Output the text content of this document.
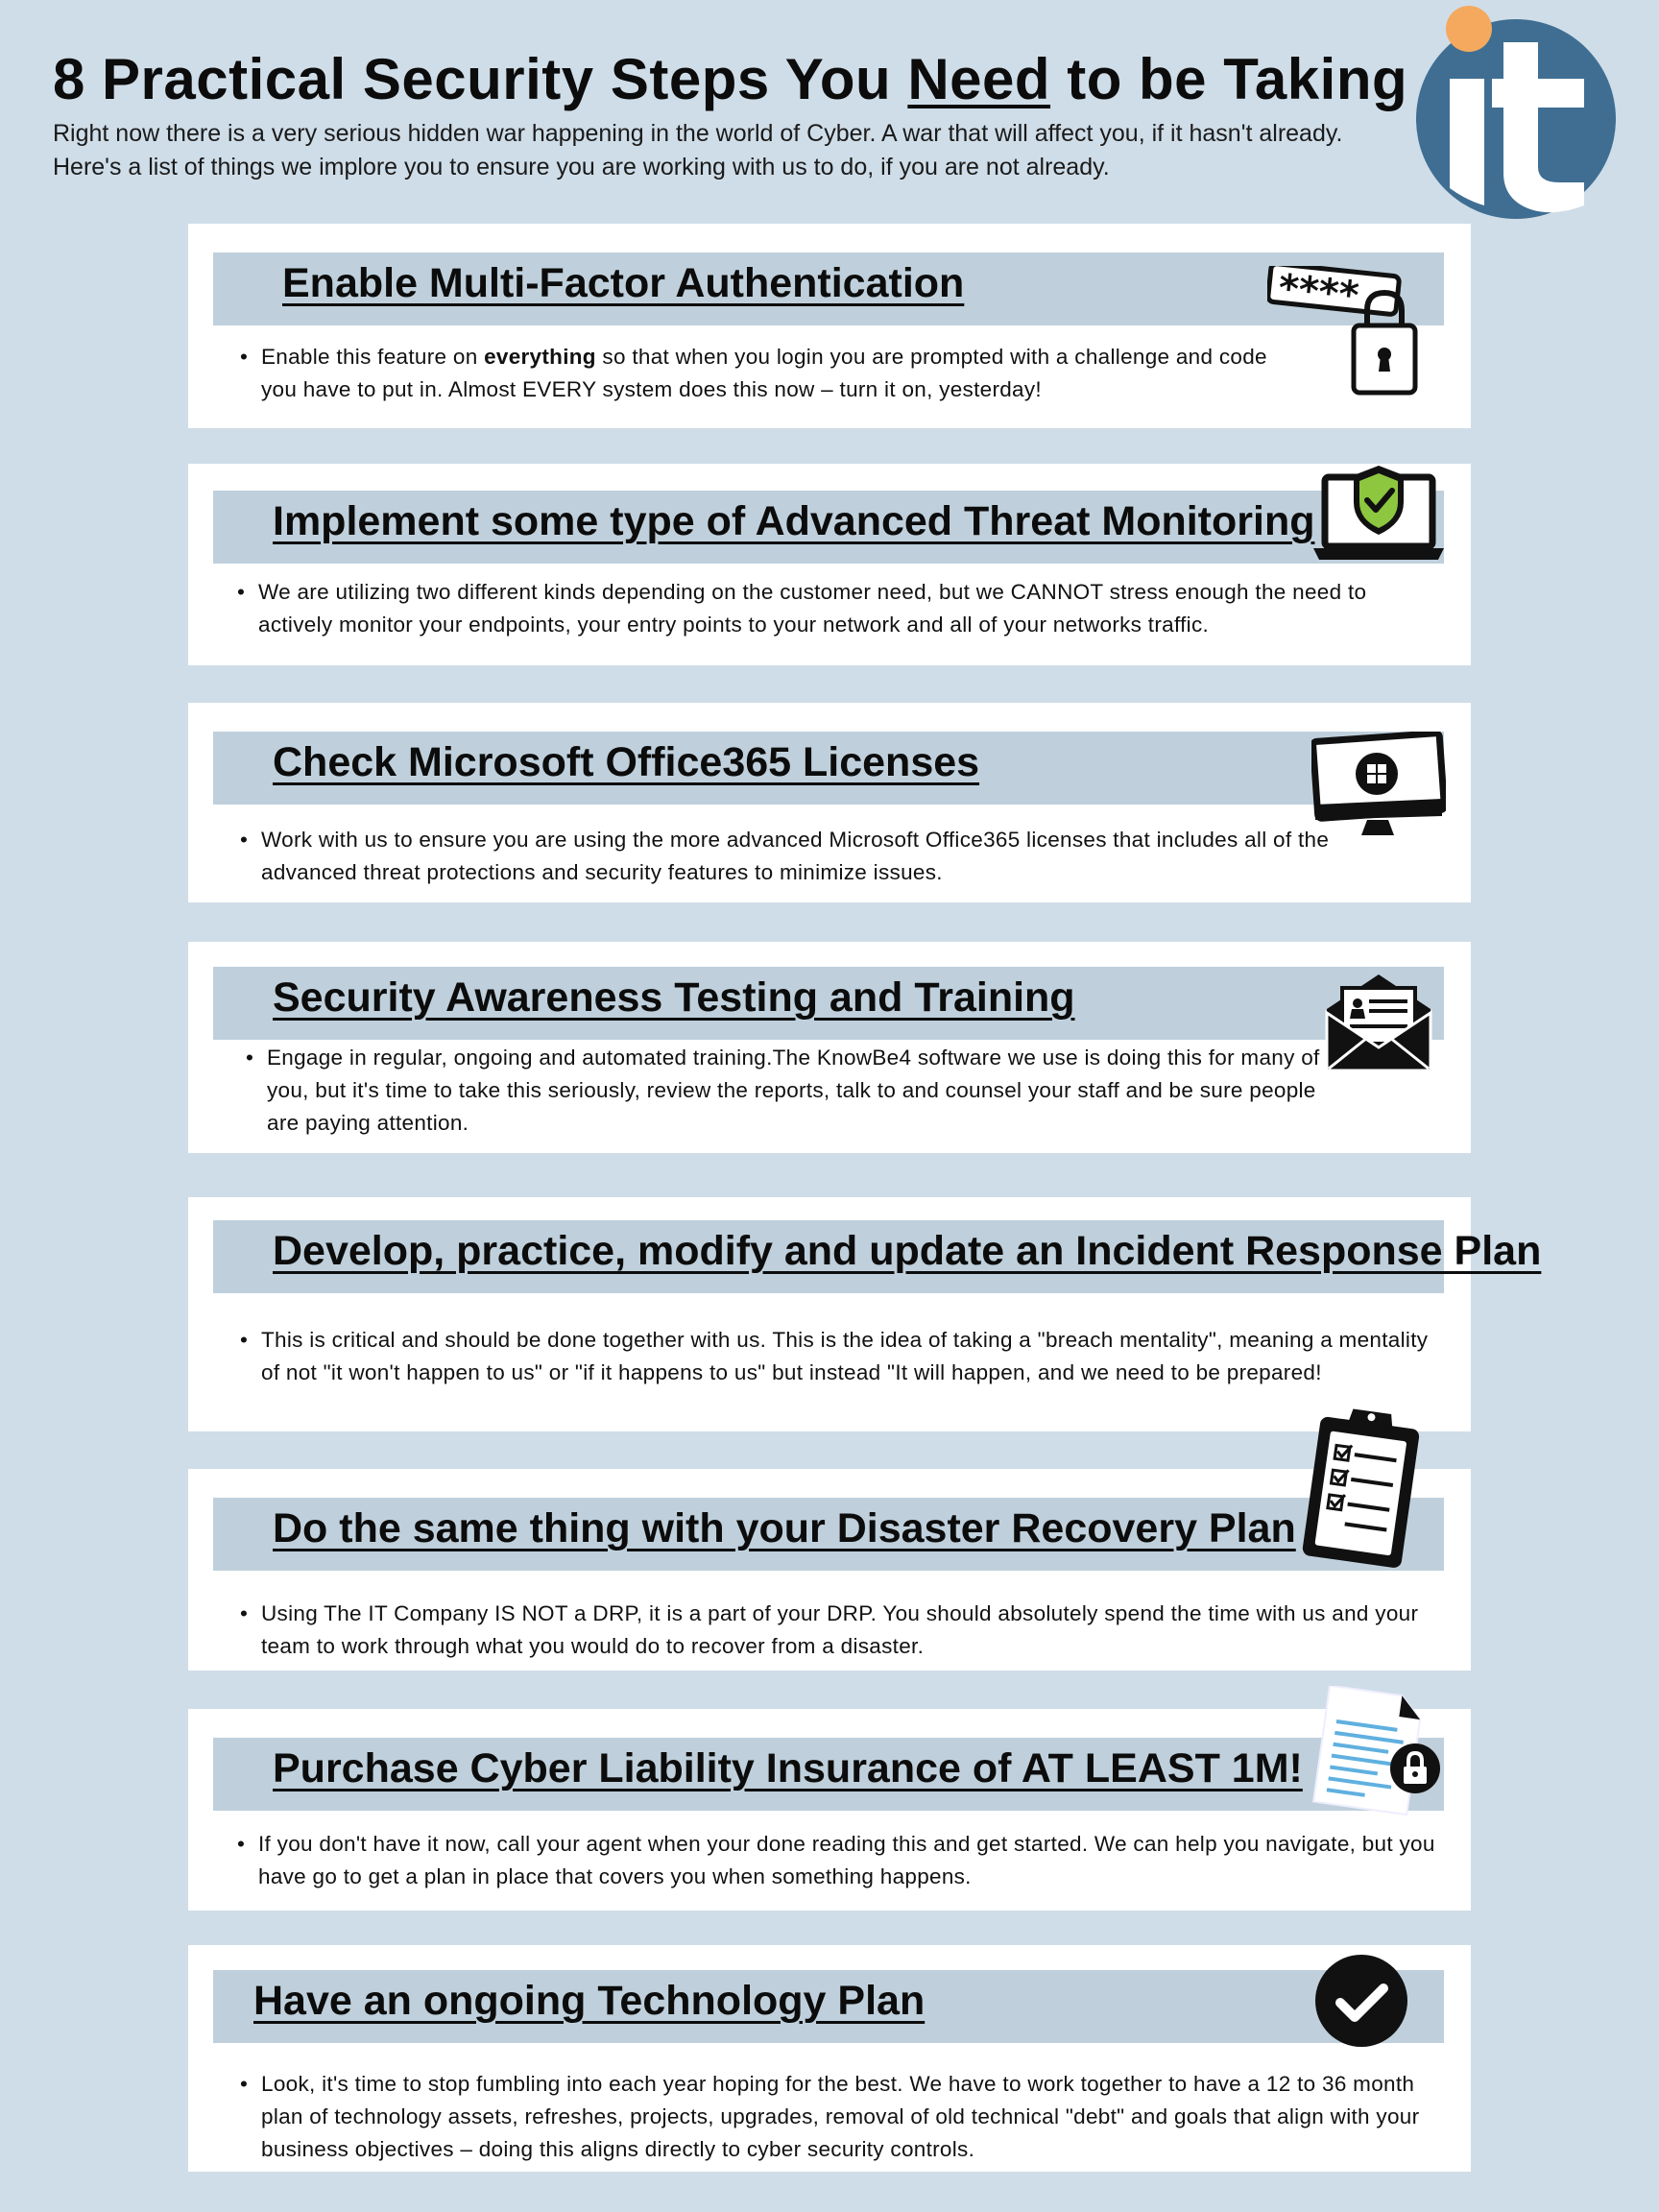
8 Practical Security Steps You Need to be Taking
Right now there is a very serious hidden war happening in the world of Cyber. A war that will affect you, if it hasn't already. Here's a list of things we implore you to ensure you are working with us to do, if you are not already.
Enable Multi-Factor Authentication
• Enable this feature on everything so that when you login you are prompted with a challenge and code you have to put in. Almost EVERY system does this now – turn it on, yesterday!
****
Implement some type of Advanced Threat Monitoring
• We are utilizing two different kinds depending on the customer need, but we CANNOT stress enough the need to actively monitor your endpoints, your entry points to your network and all of your networks traffic.
Check Microsoft Office365 Licenses
• Work with us to ensure you are using the more advanced Microsoft Office365 licenses that includes all of the advanced threat protections and security features to minimize issues.
Security Awareness Testing and Training
• Engage in regular, ongoing and automated training.The KnowBe4 software we use is doing this for many of you, but it's time to take this seriously, review the reports, talk to and counsel your staff and be sure people are paying attention.
Develop, practice, modify and update an Incident Response Plan
• This is critical and should be done together with us. This is the idea of taking a "breach mentality", meaning a mentality of not "it won't happen to us" or "if it happens to us" but instead "It will happen, and we need to be prepared!
Do the same thing with your Disaster Recovery Plan
• Using The IT Company IS NOT a DRP, it is a part of your DRP. You should absolutely spend the time with us and your team to work through what you would do to recover from a disaster.
Purchase Cyber Liability Insurance of AT LEAST 1M!
• If you don't have it now, call your agent when your done reading this and get started. We can help you navigate, but you have go to get a plan in place that covers you when something happens.
Have an ongoing Technology Plan
• Look, it's time to stop fumbling into each year hoping for the best. We have to work together to have a 12 to 36 month plan of technology assets, refreshes, projects, upgrades, removal of old technical "debt" and goals that align with your business objectives – doing this aligns directly to cyber security controls.
